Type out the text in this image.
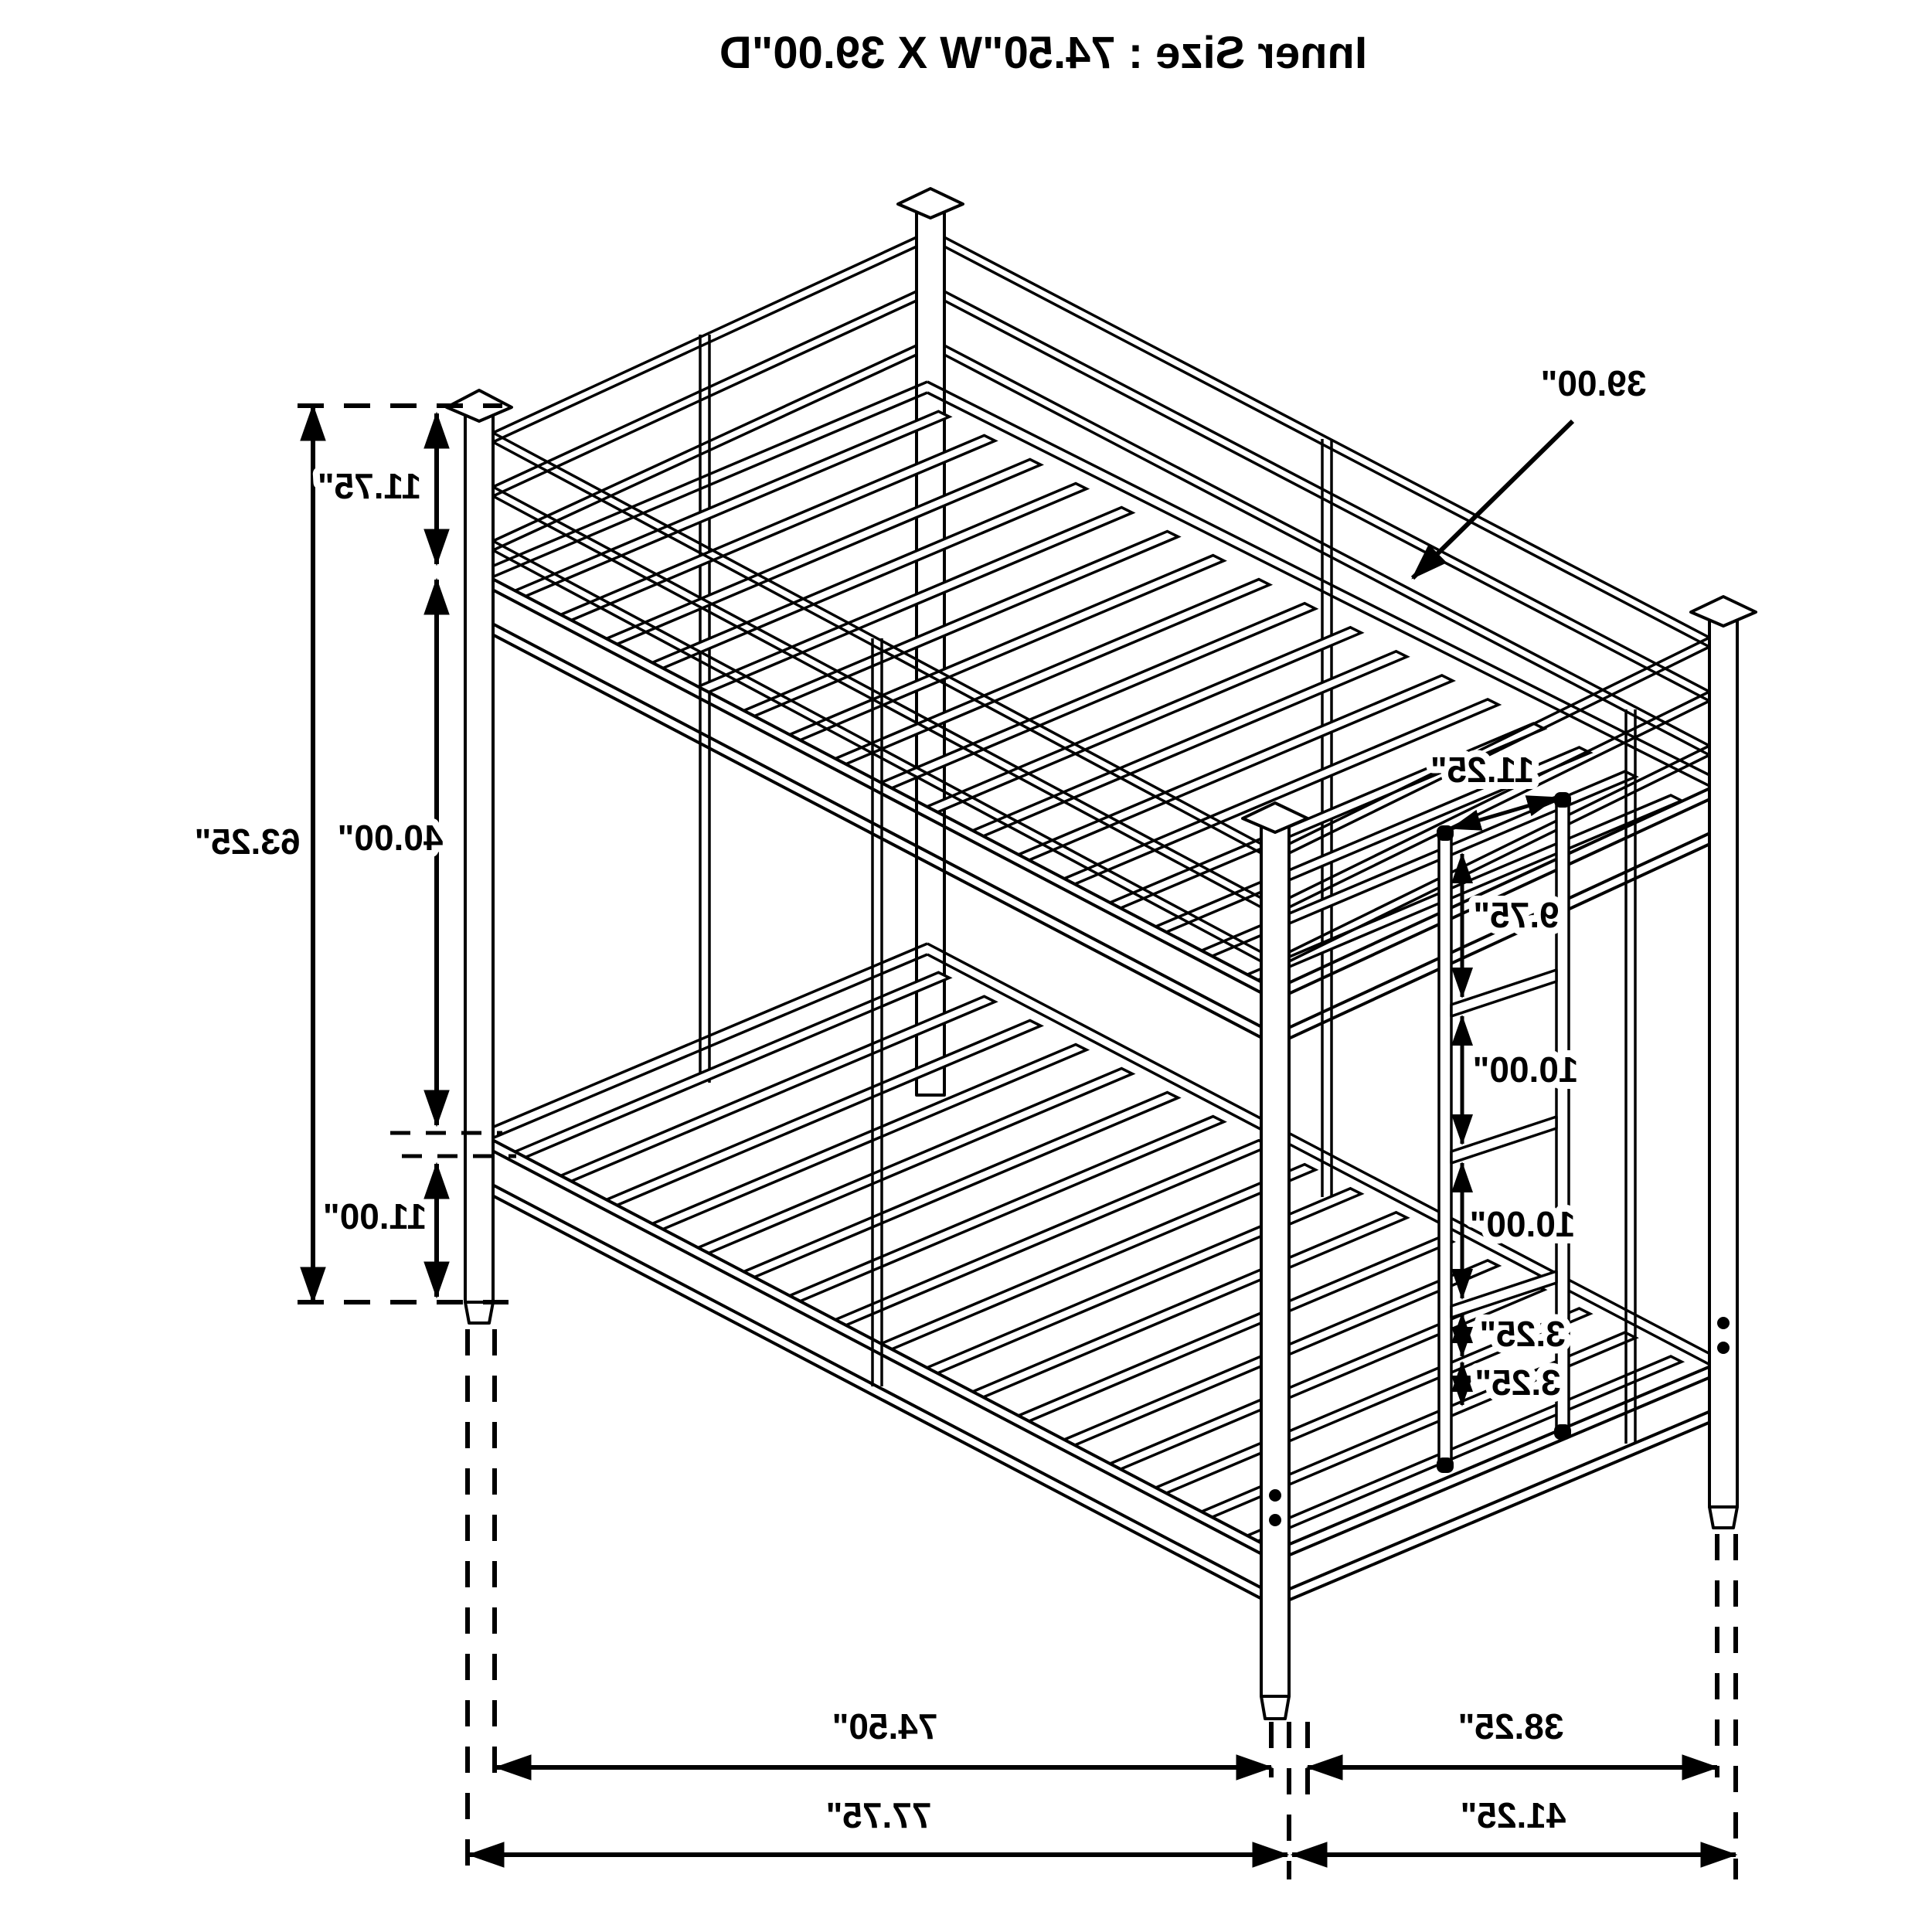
Inner Size : 74.50"W X 39.00"D
63.25"
11.75"
40.00"
11.00"
39.00"
11.25"
9.75"
10.00"
10.00"
3.25"
3.25"
74.50"	38.25"
77.75"	41.25"
